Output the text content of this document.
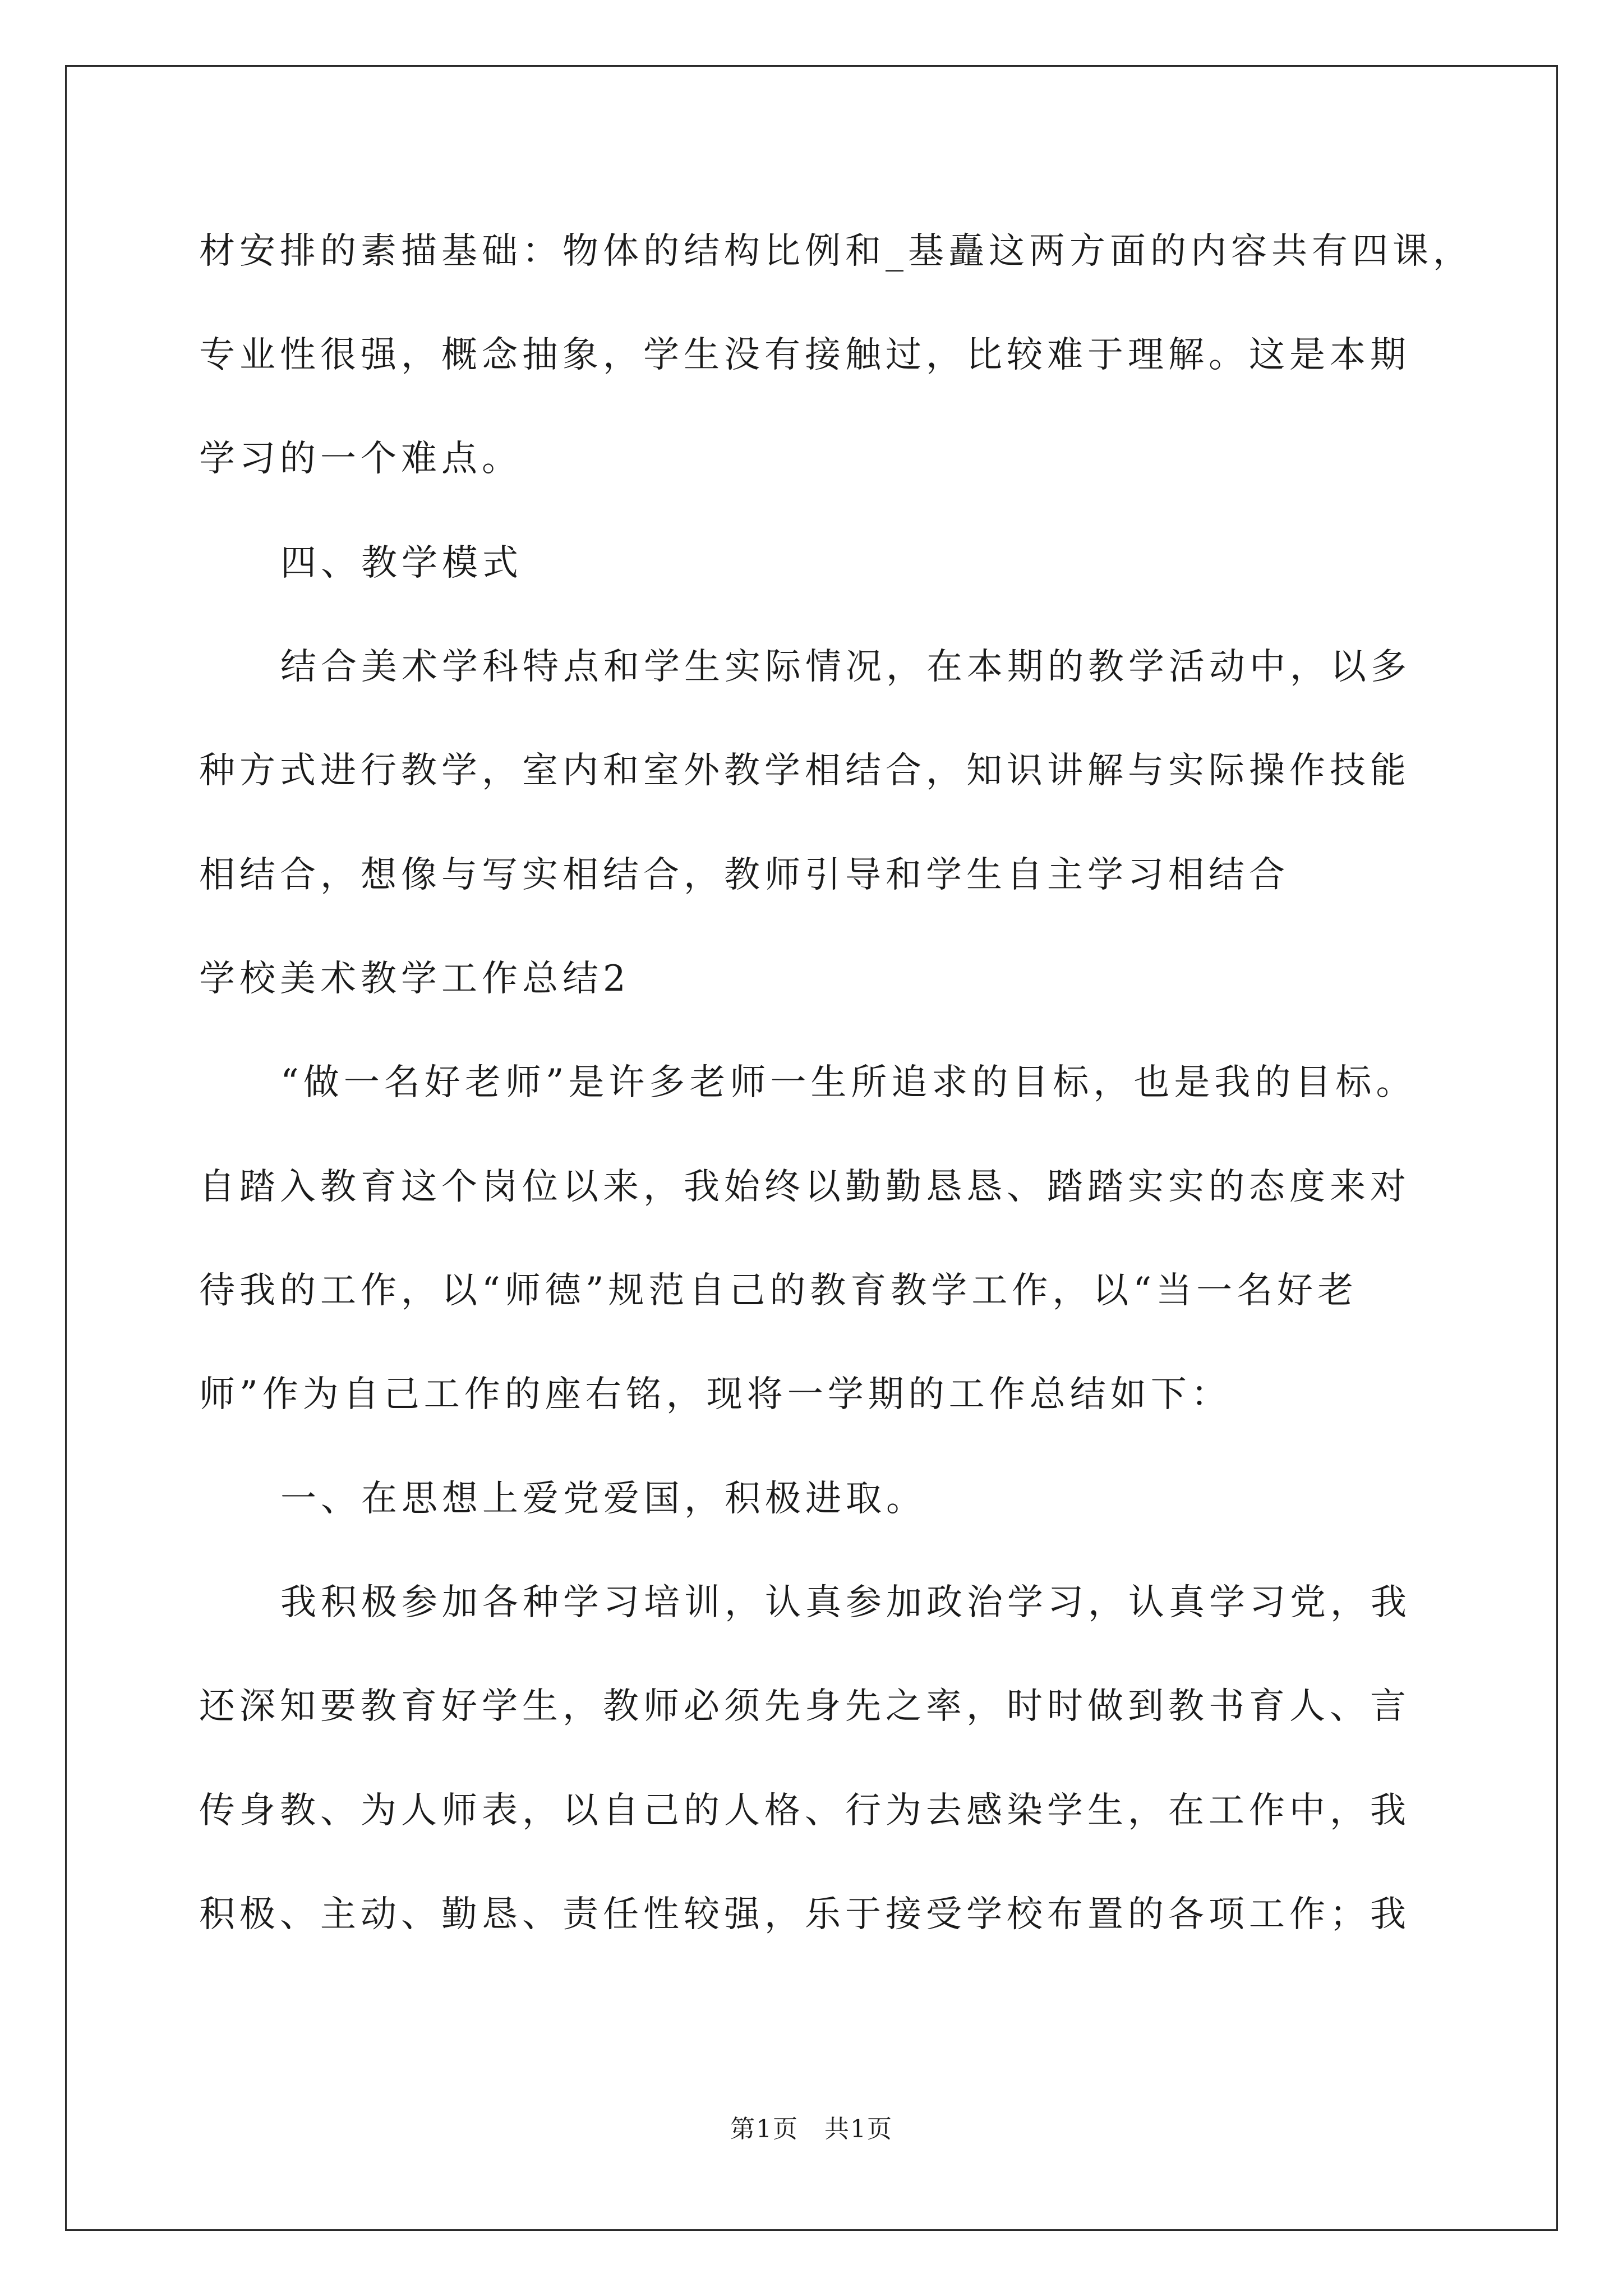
材安排的素描基础：物体的结构比例和_基矗这两方面的内容共有四课，
专业性很强，概念抽象，学生没有接触过，比较难于理解。这是本期
学习的一个难点。
四、教学模式
结合美术学科特点和学生实际情况，在本期的教学活动中，以多
种方式进行教学，室内和室外教学相结合，知识讲解与实际操作技能
相结合，想像与写实相结合，教师引导和学生自主学习相结合
学校美术教学工作总结2
“做一名好老师”是许多老师一生所追求的目标，也是我的目标。
自踏入教育这个岗位以来，我始终以勤勤恳恳、踏踏实实的态度来对
待我的工作，以“师德”规范自己的教育教学工作，以“当一名好老
师”作为自己工作的座右铭，现将一学期的工作总结如下：
一、在思想上爱党爱国，积极进取。
我积极参加各种学习培训，认真参加政治学习，认真学习党，我
还深知要教育好学生，教师必须先身先之率，时时做到教书育人、言
传身教、为人师表，以自己的人格、行为去感染学生，在工作中，我
积极、主动、勤恳、责任性较强，乐于接受学校布置的各项工作；我
第1页　共1页
